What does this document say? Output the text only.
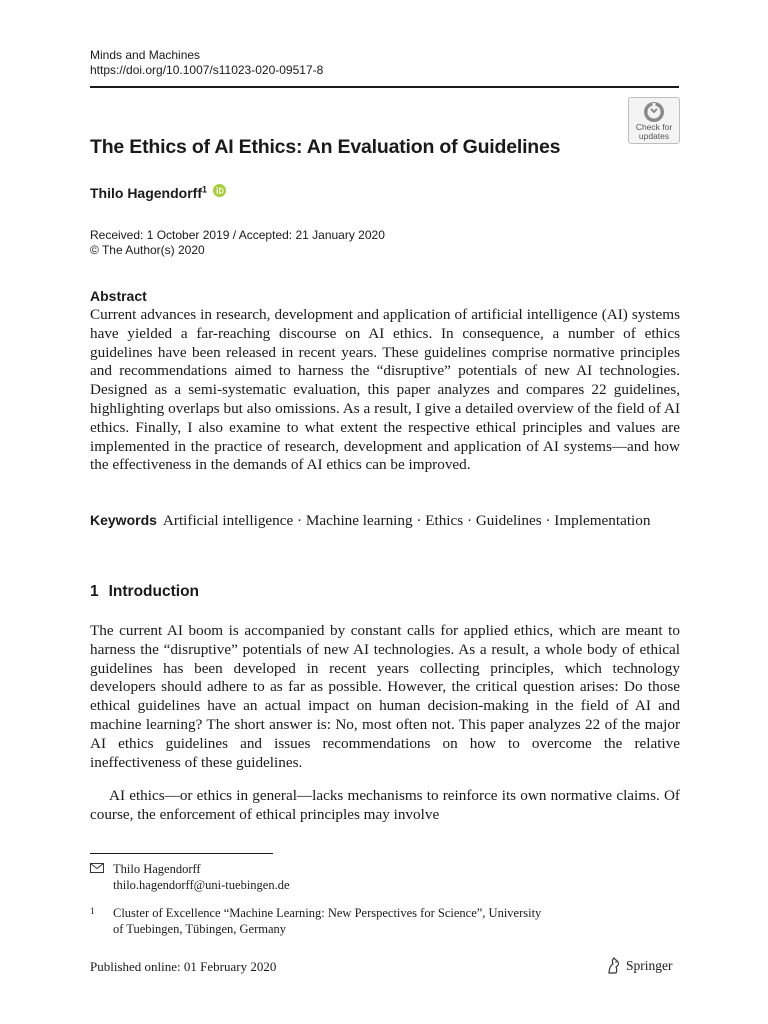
Minds and Machines
https://doi.org/10.1007/s11023-020-09517-8
Check for
updates
The Ethics of AI Ethics: An Evaluation of Guidelines
Thilo Hagendorff$^1$
Received: 1 October 2019 / Accepted: 21 January 2020
© The Author(s) 2020
Abstract
Current advances in research, development and application of artificial intelligence (AI) systems have yielded a far-reaching discourse on AI ethics. In consequence, a number of ethics guidelines have been released in recent years. These guidelines comprise normative principles and recommendations aimed to harness the “disruptive” potentials of new AI technologies. Designed as a semi-systematic evaluation, this paper analyzes and compares 22 guidelines, highlighting overlaps but also omissions. As a result, I give a detailed overview of the field of AI ethics. Finally, I also examine to what extent the respective ethical principles and values are implemented in the practice of research, development and application of AI systems—and how the effectiveness in the demands of AI ethics can be improved.
Keywords Artificial intelligence · Machine learning · Ethics · Guidelines · Implementation
1 Introduction
The current AI boom is accompanied by constant calls for applied ethics, which are meant to harness the “disruptive” potentials of new AI technologies. As a result, a whole body of ethical guidelines has been developed in recent years collecting principles, which technology developers should adhere to as far as possible. However, the critical question arises: Do those ethical guidelines have an actual impact on human decision-making in the field of AI and machine learning? The short answer is: No, most often not. This paper analyzes 22 of the major AI ethics guidelines and issues recommendations on how to overcome the relative ineffectiveness of these guidelines.
AI ethics—or ethics in general—lacks mechanisms to reinforce its own normative claims. Of course, the enforcement of ethical principles may involve
Thilo Hagendorff
thilo.hagendorff@uni-tuebingen.de
1 Cluster of Excellence “Machine Learning: New Perspectives for Science”, University
of Tuebingen, Tübingen, Germany
Published online: 01 February 2020	Springer
